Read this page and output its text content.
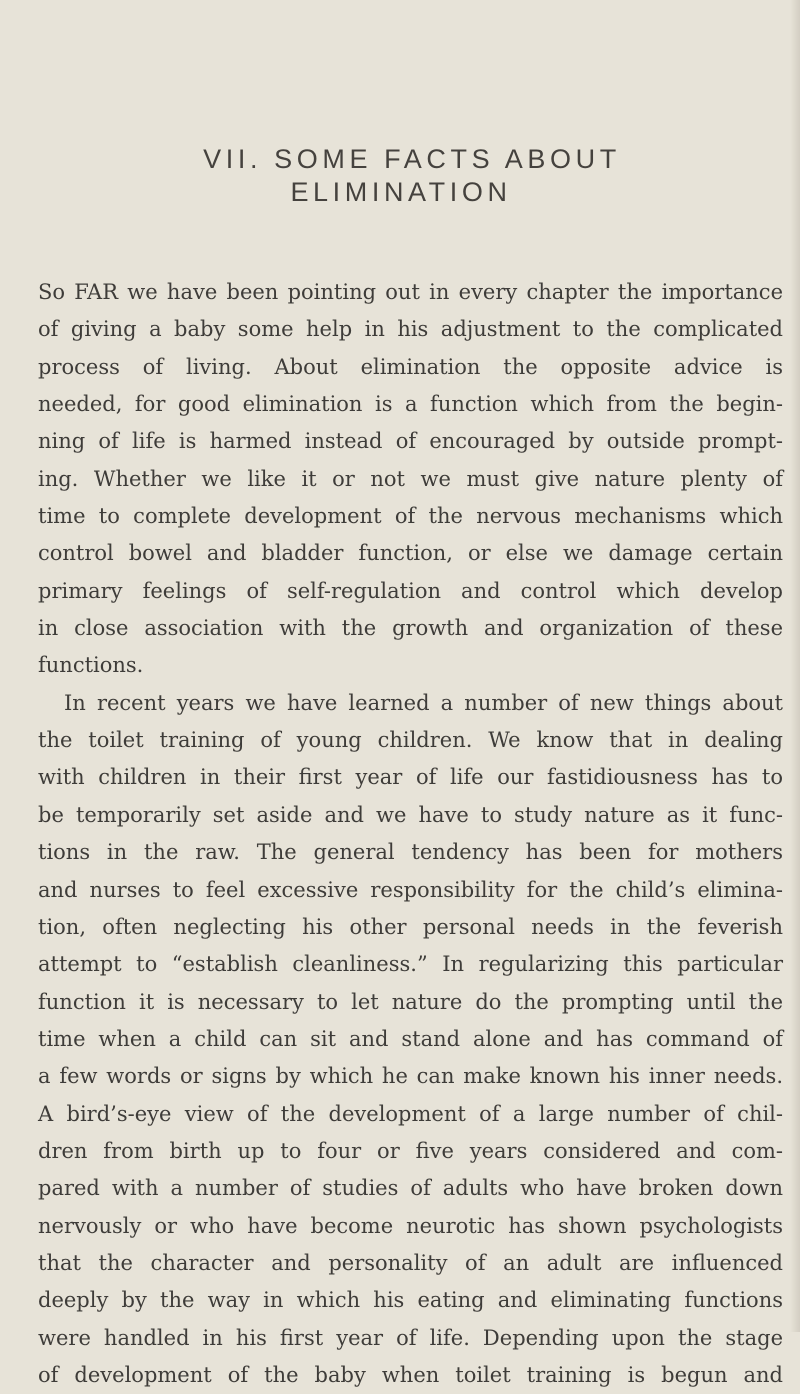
VII. SOME FACTS ABOUT
ELIMINATION
So FAR we have been pointing out in every chapter the importance
of giving a baby some help in his adjustment to the complicated
process of living. About elimination the opposite advice is
needed, for good elimination is a function which from the begin-
ning of life is harmed instead of encouraged by outside prompt-
ing. Whether we like it or not we must give nature plenty of
time to complete development of the nervous mechanisms which
control bowel and bladder function, or else we damage certain
primary feelings of self-regulation and control which develop
in close association with the growth and organization of these
functions.
In recent years we have learned a number of new things about
the toilet training of young children. We know that in dealing
with children in their first year of life our fastidiousness has to
be temporarily set aside and we have to study nature as it func-
tions in the raw. The general tendency has been for mothers
and nurses to feel excessive responsibility for the child’s elimina-
tion, often neglecting his other personal needs in the feverish
attempt to “establish cleanliness.” In regularizing this particular
function it is necessary to let nature do the prompting until the
time when a child can sit and stand alone and has command of
a few words or signs by which he can make known his inner needs.
A bird’s-eye view of the development of a large number of chil-
dren from birth up to four or five years considered and com-
pared with a number of studies of adults who have broken down
nervously or who have become neurotic has shown psychologists
that the character and personality of an adult are influenced
deeply by the way in which his eating and eliminating functions
were handled in his first year of life. Depending upon the stage
of development of the baby when toilet training is begun and
